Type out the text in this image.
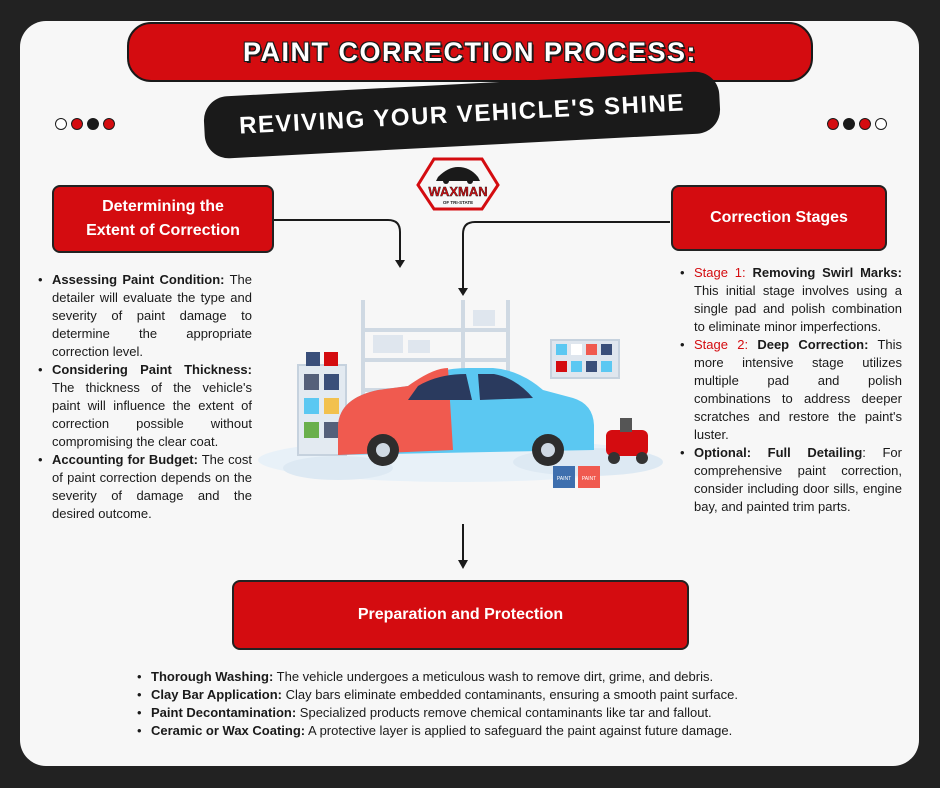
PAINT CORRECTION PROCESS:
REVIVING YOUR VEHICLE'S SHINE
WAXMAN
OF TRI-STATE
Determining the
Extent of Correction
Correction Stages
• Assessing Paint Condition: The detailer will evaluate the type and severity of paint damage to determine the appropriate correction level.
• Considering Paint Thickness: The thickness of the vehicle's paint will influence the extent of correction possible without compromising the clear coat.
• Accounting for Budget: The cost of paint correction depends on the severity of damage and the desired outcome.
• Stage 1: Removing Swirl Marks: This initial stage involves using a single pad and polish combination to eliminate minor imperfections.
• Stage 2: Deep Correction: This more intensive stage utilizes multiple pad and polish combinations to address deeper scratches and restore the paint's luster.
• Optional: Full Detailing: For comprehensive paint correction, consider including door sills, engine bay, and painted trim parts.
PAINT PAINT
Preparation and Protection
• Thorough Washing: The vehicle undergoes a meticulous wash to remove dirt, grime, and debris.
• Clay Bar Application: Clay bars eliminate embedded contaminants, ensuring a smooth paint surface.
• Paint Decontamination: Specialized products remove chemical contaminants like tar and fallout.
• Ceramic or Wax Coating: A protective layer is applied to safeguard the paint against future damage.
